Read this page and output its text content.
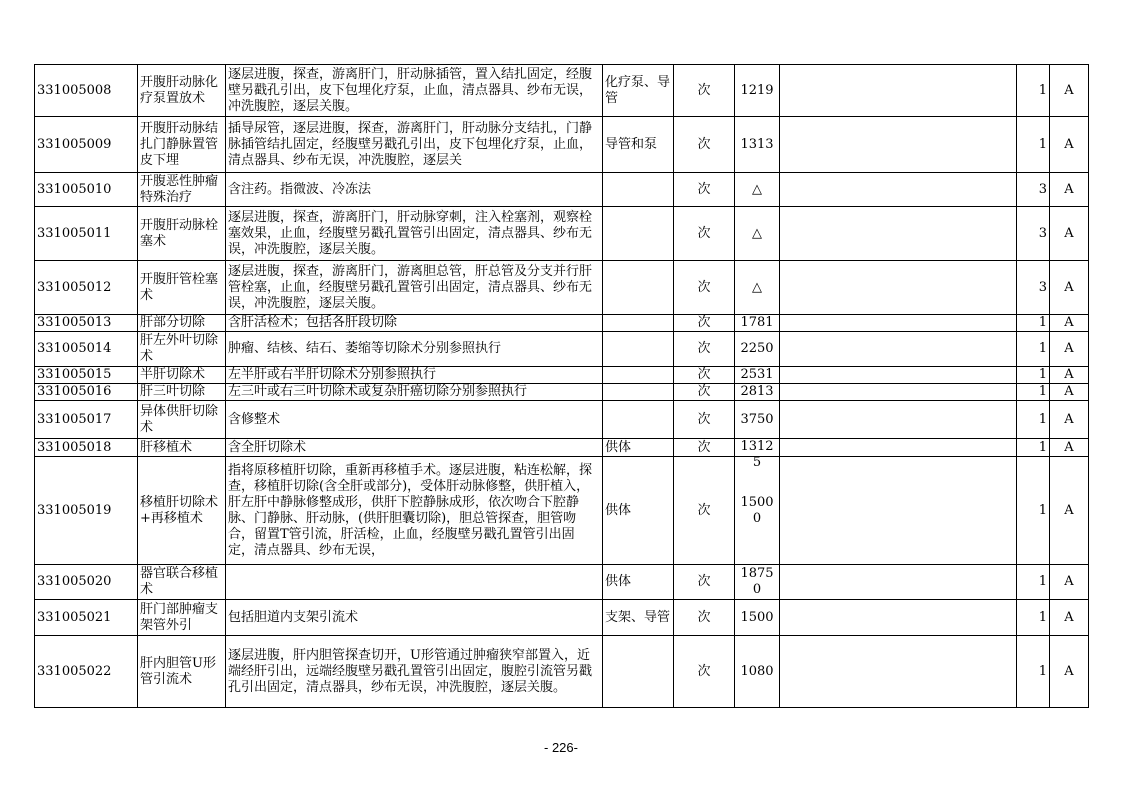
331005008	开腹肝动脉化疗泵置放术	逐层进腹，探查，游离肝门，肝动脉插管，置入结扎固定，经腹壁另戳孔引出，皮下包埋化疗泵，止血，清点器具、纱布无误，冲洗腹腔，逐层关腹。	化疗泵、导管	次	1219		1	A

331005009	开腹肝动脉结扎门静脉置管皮下埋	插导尿管，逐层进腹，探查，游离肝门，肝动脉分支结扎，门静脉插管结扎固定，经腹壁另戳孔引出，皮下包埋化疗泵，止血，清点器具、纱布无误，冲洗腹腔，逐层关	导管和泵	次	1313		1	A

331005010	开腹恶性肿瘤特殊治疗	含注药。指微波、冷冻法		次	△		3	A

331005011	开腹肝动脉栓塞术	逐层进腹，探查，游离肝门，肝动脉穿刺，注入栓塞剂，观察栓塞效果，止血，经腹壁另戳孔置管引出固定，清点器具、纱布无误，冲洗腹腔，逐层关腹。		次	△		3	A

331005012	开腹肝管栓塞术	逐层进腹，探查，游离肝门，游离胆总管，肝总管及分支并行肝管栓塞，止血，经腹壁另戳孔置管引出固定，清点器具、纱布无误，冲洗腹腔，逐层关腹。		次	△		3	A

331005013	肝部分切除	含肝活检术；包括各肝段切除		次	1781		1	A

331005014	肝左外叶切除术	肿瘤、结核、结石、萎缩等切除术分别参照执行		次	2250		1	A

331005015	半肝切除术	左半肝或右半肝切除术分别参照执行		次	2531		1	A

331005016	肝三叶切除	左三叶或右三叶切除术或复杂肝癌切除分别参照执行		次	2813		1	A

331005017	异体供肝切除术	含修整术		次	3750		1	A

331005018	肝移植术	含全肝切除术	供体	次	13125		1	A

331005019	移植肝切除术+再移植术	指将原移植肝切除，重新再移植手术。逐层进腹，粘连松解，探查，移植肝切除(含全肝或部分)，受体肝动脉修整，供肝植入，肝左肝中静脉修整成形，供肝下腔静脉成形，依次吻合下腔静脉、门静脉、肝动脉，(供肝胆囊切除)，胆总管探查，胆管吻合，留置T管引流，肝活检，止血，经腹壁另戳孔置管引出固定，清点器具、纱布无误，	供体	次	15000		1	A

331005020	器官联合移植术		供体	次	18750		1	A

331005021	肝门部肿瘤支架管外引	包括胆道内支架引流术	支架、导管	次	1500		1	A

331005022	肝内胆管U形管引流术	逐层进腹，肝内胆管探查切开，U形管通过肿瘤狭窄部置入，近端经肝引出，远端经腹壁另戳孔置管引出固定，腹腔引流管另戳孔引出固定，清点器具，纱布无误，冲洗腹腔，逐层关腹。		次	1080		1	A
- 226-
